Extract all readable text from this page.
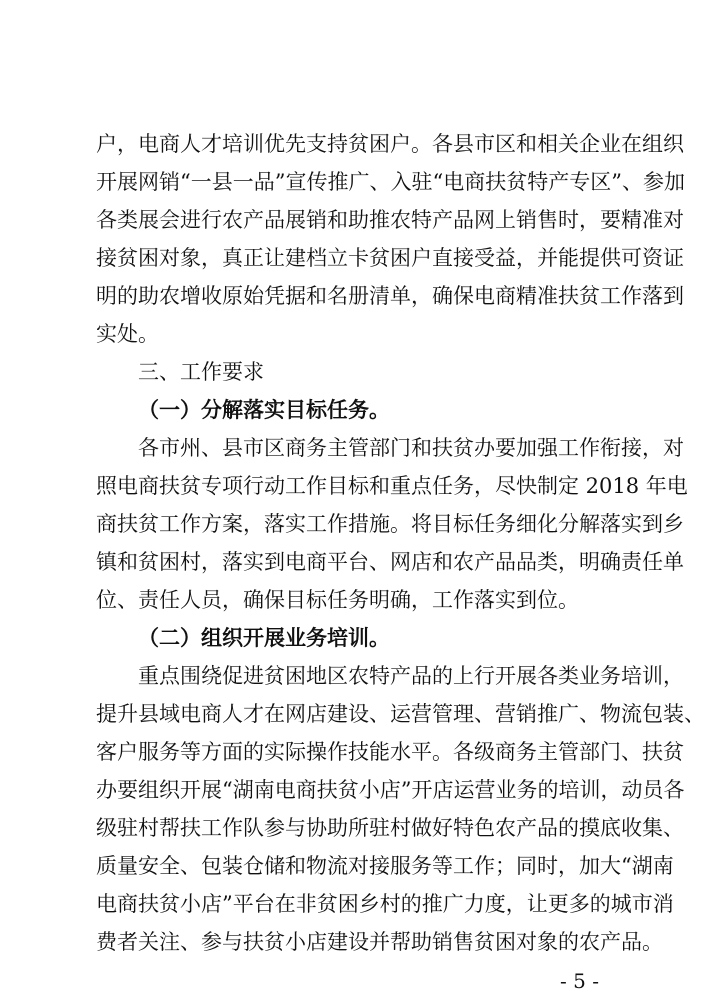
户，电商人才培训优先支持贫困户。各县市区和相关企业在组织
开展网销“一县一品”宣传推广、入驻“电商扶贫特产专区”、参加
各类展会进行农产品展销和助推农特产品网上销售时，要精准对
接贫困对象，真正让建档立卡贫困户直接受益，并能提供可资证
明的助农增收原始凭据和名册清单，确保电商精准扶贫工作落到
实处。
三、工作要求
（一）分解落实目标任务。
各市州、县市区商务主管部门和扶贫办要加强工作衔接，对
照电商扶贫专项行动工作目标和重点任务，尽快制定 2018 年电
商扶贫工作方案，落实工作措施。将目标任务细化分解落实到乡
镇和贫困村，落实到电商平台、网店和农产品品类，明确责任单
位、责任人员，确保目标任务明确，工作落实到位。
（二）组织开展业务培训。
重点围绕促进贫困地区农特产品的上行开展各类业务培训，
提升县域电商人才在网店建设、运营管理、营销推广、物流包装、
客户服务等方面的实际操作技能水平。各级商务主管部门、扶贫
办要组织开展“湖南电商扶贫小店”开店运营业务的培训，动员各
级驻村帮扶工作队参与协助所驻村做好特色农产品的摸底收集、
质量安全、包装仓储和物流对接服务等工作；同时，加大“湖南
电商扶贫小店”平台在非贫困乡村的推广力度，让更多的城市消
费者关注、参与扶贫小店建设并帮助销售贫困对象的农产品。
- 5 -
